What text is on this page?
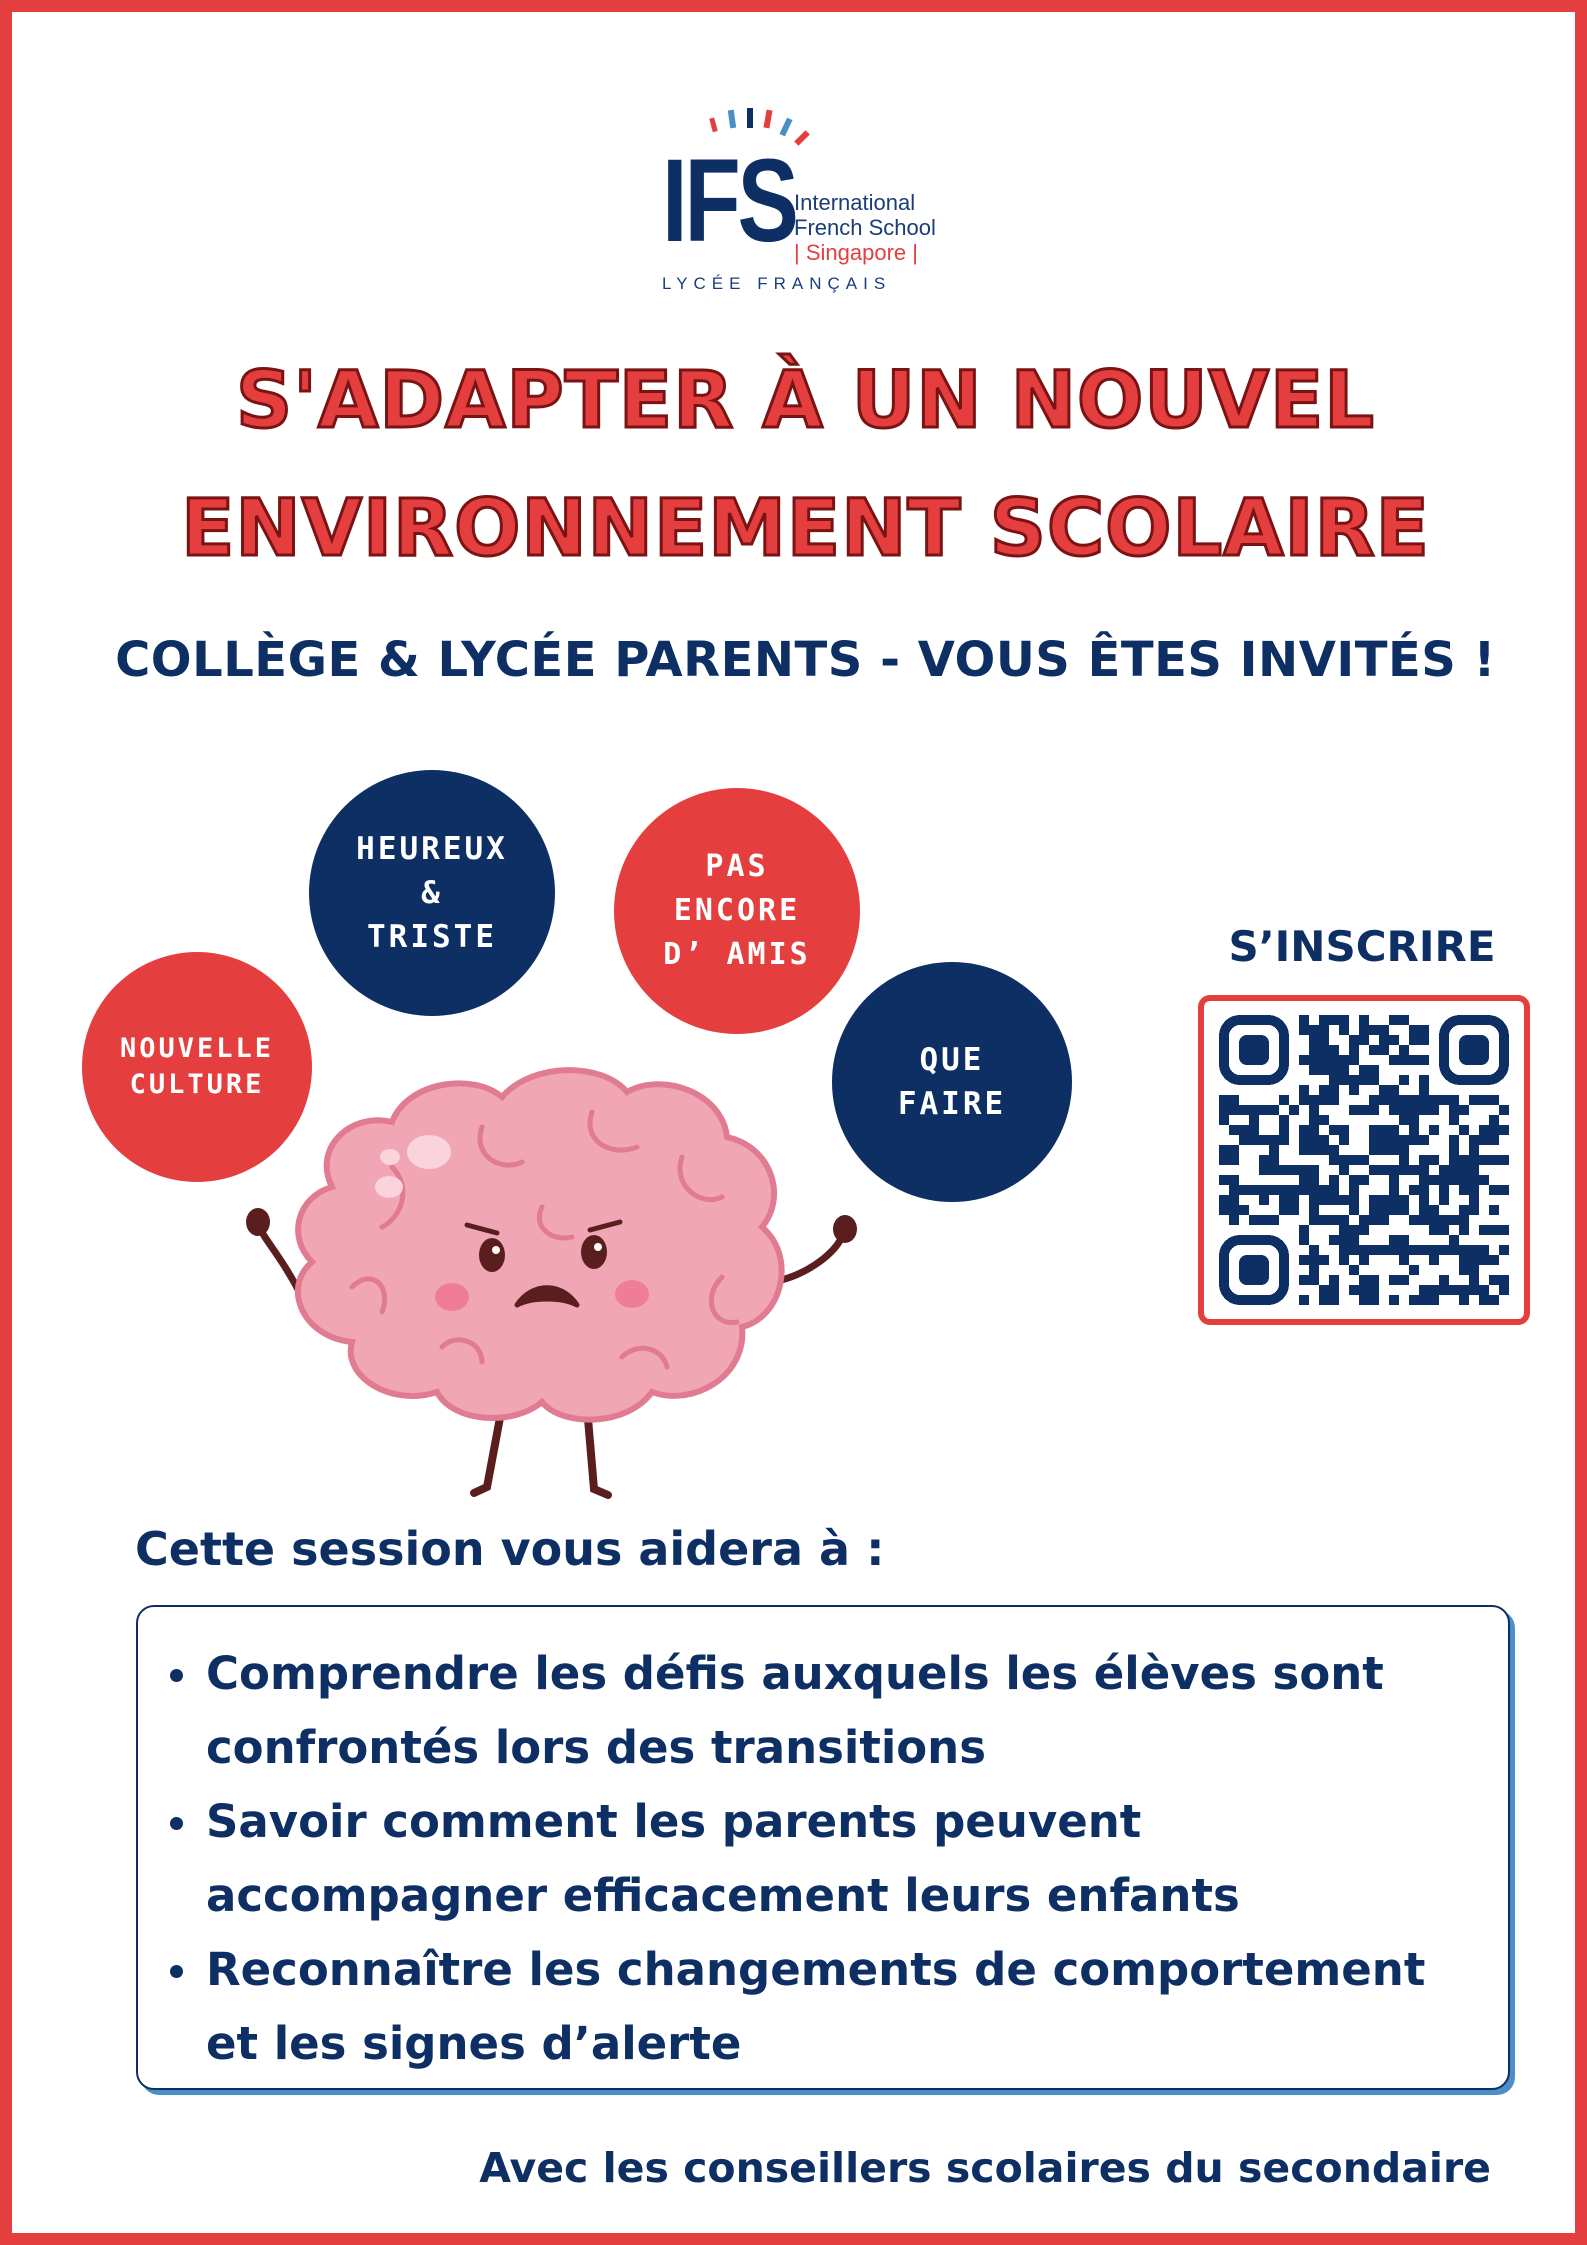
IFS
International
French School
| Singapore |
LYCÉE FRANÇAIS
S'ADAPTER À UN NOUVEL
ENVIRONNEMENT SCOLAIRE
COLLÈGE & LYCÉE PARENTS - VOUS ÊTES INVITÉS !
NOUVELLE
CULTURE
HEUREUX
&
TRISTE
PAS
ENCORE
D’ AMIS
QUE
FAIRE
S’INSCRIRE
Cette session vous aidera à :
Comprendre les défis auxquels les élèves sont
confrontés lors des transitions
Savoir comment les parents peuvent
accompagner efficacement leurs enfants
Reconnaître les changements de comportement
et les signes d’alerte
Avec les conseillers scolaires du secondaire
